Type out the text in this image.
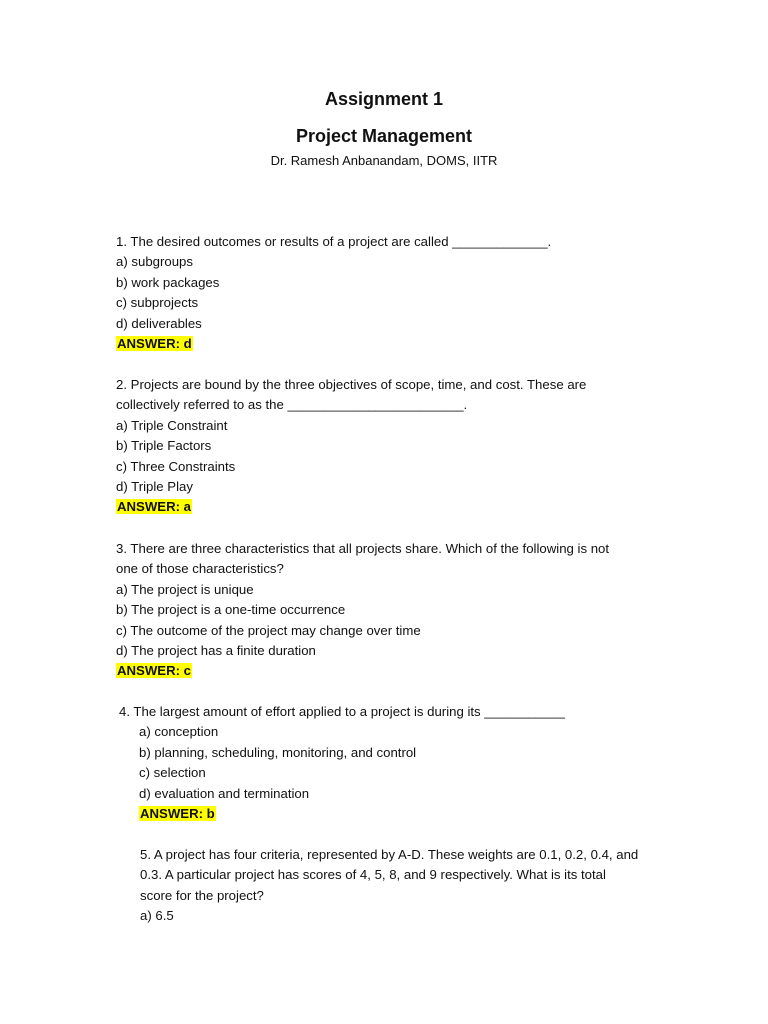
Assignment 1
Project Management
Dr. Ramesh Anbanandam, DOMS, IITR
1. The desired outcomes or results of a project are called _____________.
a) subgroups
b) work packages
c) subprojects
d) deliverables
ANSWER: d
2. Projects are bound by the three objectives of scope, time, and cost. These are
collectively referred to as the ________________________.
a) Triple Constraint
b) Triple Factors
c) Three Constraints
d) Triple Play
ANSWER: a
3. There are three characteristics that all projects share. Which of the following is not
one of those characteristics?
a) The project is unique
b) The project is a one-time occurrence
c) The outcome of the project may change over time
d) The project has a finite duration
ANSWER: c
4. The largest amount of effort applied to a project is during its ___________
a) conception
b) planning, scheduling, monitoring, and control
c) selection
d) evaluation and termination
ANSWER: b
5. A project has four criteria, represented by A-D. These weights are 0.1, 0.2, 0.4, and
0.3. A particular project has scores of 4, 5, 8, and 9 respectively. What is its total
score for the project?
a) 6.5
